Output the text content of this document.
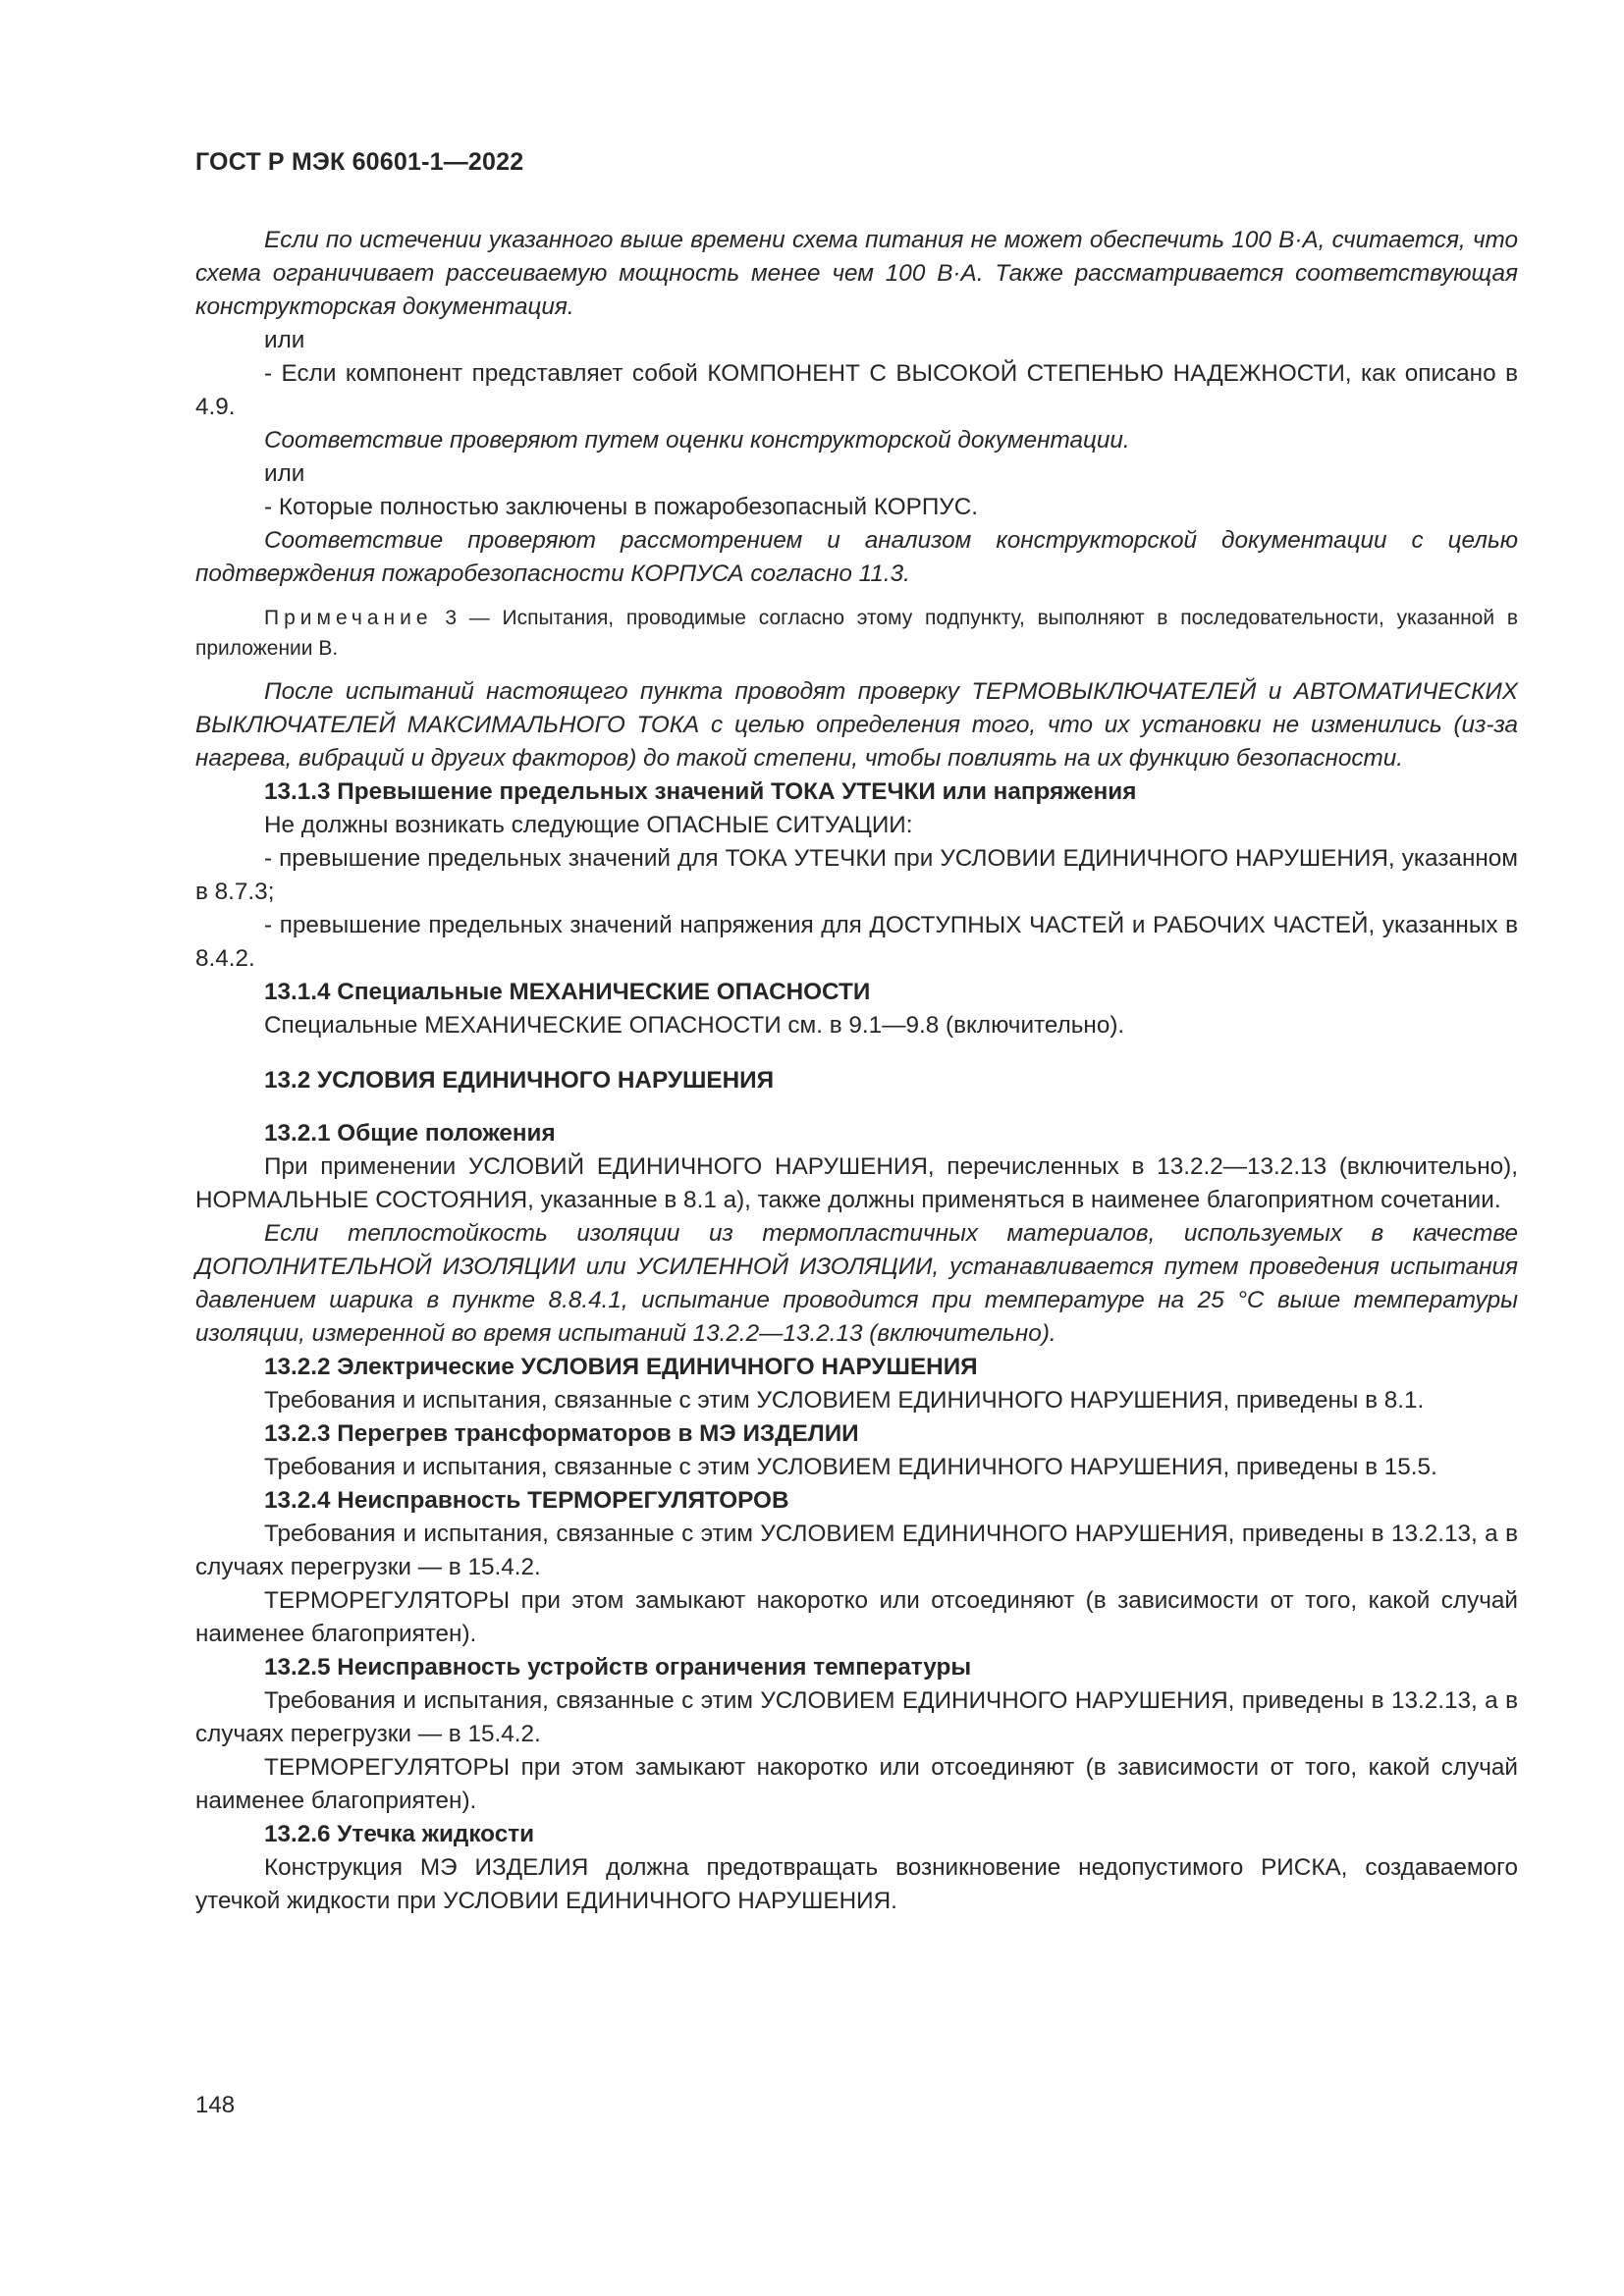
ГОСТ Р МЭК 60601-1—2022

Если по истечении указанного выше времени схема питания не может обеспечить 100 В·А, считается, что схема ограничивает рассеиваемую мощность менее чем 100 В·А. Также рассматривается соответствующая конструкторская документация.

или

- Если компонент представляет собой КОМПОНЕНТ С ВЫСОКОЙ СТЕПЕНЬЮ НАДЕЖНОСТИ, как описано в 4.9.

Соответствие проверяют путем оценки конструкторской документации.

или

- Которые полностью заключены в пожаробезопасный КОРПУС.

Соответствие проверяют рассмотрением и анализом конструкторской документации с целью подтверждения пожаробезопасности КОРПУСА согласно 11.3.

Примечание 3 — Испытания, проводимые согласно этому подпункту, выполняют в последовательности, указанной в приложении B.

После испытаний настоящего пункта проводят проверку ТЕРМОВЫКЛЮЧАТЕЛЕЙ и АВТОМАТИЧЕСКИХ ВЫКЛЮЧАТЕЛЕЙ МАКСИМАЛЬНОГО ТОКА с целью определения того, что их установки не изменились (из-за нагрева, вибраций и других факторов) до такой степени, чтобы повлиять на их функцию безопасности.

13.1.3 Превышение предельных значений ТОКА УТЕЧКИ или напряжения

Не должны возникать следующие ОПАСНЫЕ СИТУАЦИИ:

- превышение предельных значений для ТОКА УТЕЧКИ при УСЛОВИИ ЕДИНИЧНОГО НАРУШЕНИЯ, указанном в 8.7.3;

- превышение предельных значений напряжения для ДОСТУПНЫХ ЧАСТЕЙ и РАБОЧИХ ЧАСТЕЙ, указанных в 8.4.2.

13.1.4 Специальные МЕХАНИЧЕСКИЕ ОПАСНОСТИ

Специальные МЕХАНИЧЕСКИЕ ОПАСНОСТИ см. в 9.1—9.8 (включительно).

13.2 УСЛОВИЯ ЕДИНИЧНОГО НАРУШЕНИЯ

13.2.1 Общие положения

При применении УСЛОВИЙ ЕДИНИЧНОГО НАРУШЕНИЯ, перечисленных в 13.2.2—13.2.13 (включительно), НОРМАЛЬНЫЕ СОСТОЯНИЯ, указанные в 8.1 а), также должны применяться в наименее благоприятном сочетании.

Если теплостойкость изоляции из термопластичных материалов, используемых в качестве ДОПОЛНИТЕЛЬНОЙ ИЗОЛЯЦИИ или УСИЛЕННОЙ ИЗОЛЯЦИИ, устанавливается путем проведения испытания давлением шарика в пункте 8.8.4.1, испытание проводится при температуре на 25 °С выше температуры изоляции, измеренной во время испытаний 13.2.2—13.2.13 (включительно).

13.2.2 Электрические УСЛОВИЯ ЕДИНИЧНОГО НАРУШЕНИЯ

Требования и испытания, связанные с этим УСЛОВИЕМ ЕДИНИЧНОГО НАРУШЕНИЯ, приведены в 8.1.

13.2.3 Перегрев трансформаторов в МЭ ИЗДЕЛИИ

Требования и испытания, связанные с этим УСЛОВИЕМ ЕДИНИЧНОГО НАРУШЕНИЯ, приведены в 15.5.

13.2.4 Неисправность ТЕРМОРЕГУЛЯТОРОВ

Требования и испытания, связанные с этим УСЛОВИЕМ ЕДИНИЧНОГО НАРУШЕНИЯ, приведены в 13.2.13, а в случаях перегрузки — в 15.4.2.

ТЕРМОРЕГУЛЯТОРЫ при этом замыкают накоротко или отсоединяют (в зависимости от того, какой случай наименее благоприятен).

13.2.5 Неисправность устройств ограничения температуры

Требования и испытания, связанные с этим УСЛОВИЕМ ЕДИНИЧНОГО НАРУШЕНИЯ, приведены в 13.2.13, а в случаях перегрузки — в 15.4.2.

ТЕРМОРЕГУЛЯТОРЫ при этом замыкают накоротко или отсоединяют (в зависимости от того, какой случай наименее благоприятен).

13.2.6 Утечка жидкости

Конструкция МЭ ИЗДЕЛИЯ должна предотвращать возникновение недопустимого РИСКА, создаваемого утечкой жидкости при УСЛОВИИ ЕДИНИЧНОГО НАРУШЕНИЯ.

148
